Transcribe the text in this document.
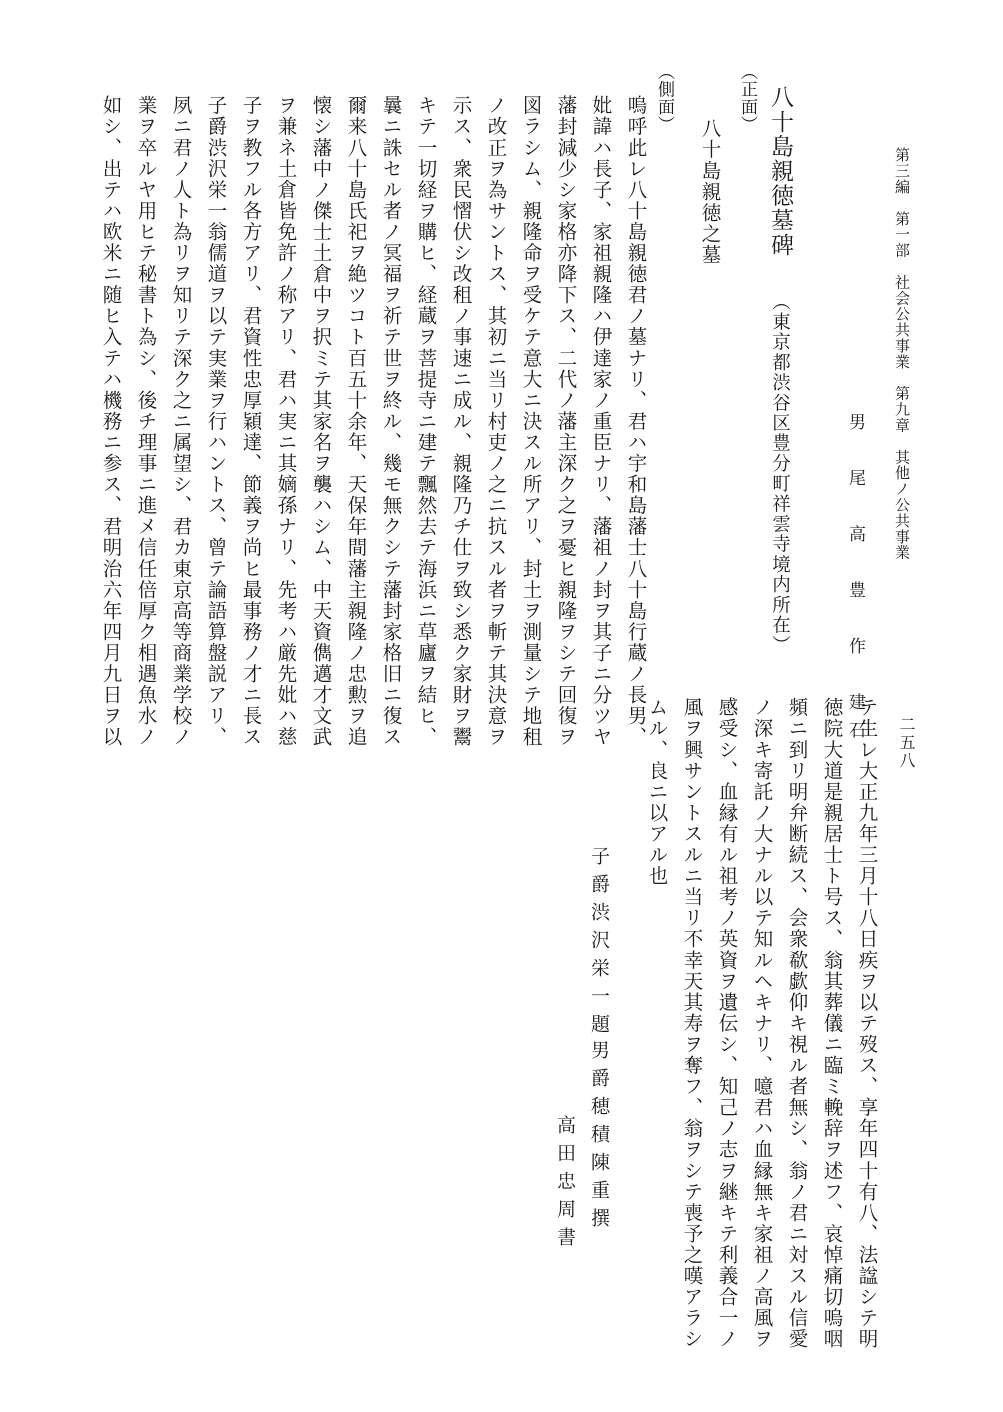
二五八
第三編　第一部　社会公共事業　第九章　其他ノ公共事業
男　尾　高　豊　作　建石
（東京都渋谷区豊分町祥雲寺境内所在）
八十島親徳墓碑
（正面）
八十島親徳之墓
（側面）
嗚呼此レ八十島親徳君ノ墓ナリ、君ハ宇和島藩士八十島行蔵ノ長男、
妣諱ハ長子、家祖親隆ハ伊達家ノ重臣ナリ、藩祖ノ封ヲ其子ニ分ツヤ
藩封減少シ家格亦降下ス、二代ノ藩主深ク之ヲ憂ヒ親隆ヲシテ回復ヲ
図ラシム、親隆命ヲ受ケテ意大ニ決スル所アリ、封土ヲ測量シテ地租
ノ改正ヲ為サントス、其初ニ当リ村吏ノ之ニ抗スル者ヲ斬テ其決意ヲ
示ス、衆民慴伏シ改租ノ事速ニ成ル、親隆乃チ仕ヲ致シ悉ク家財ヲ鬻
キテ一切経ヲ購ヒ、経蔵ヲ菩提寺ニ建テ飄然去テ海浜ニ草廬ヲ結ヒ、
曩ニ誅セル者ノ冥福ヲ祈テ世ヲ終ル、幾モ無クシテ藩封家格旧ニ復ス
爾来八十島氏祀ヲ絶ツコト百五十余年、天保年間藩主親隆ノ忠勲ヲ追
懐シ藩中ノ傑士土倉中ヲ択ミテ其家名ヲ襲ハシム、中天資儁邁才文武
ヲ兼ネ土倉皆免許ノ称アリ、君ハ実ニ其嫡孫ナリ、先考ハ厳先妣ハ慈
子ヲ教フル各方アリ、君資性忠厚穎達、節義ヲ尚ヒ最事務ノ才ニ長ス
子爵渋沢栄一翁儒道ヲ以テ実業ヲ行ハントス、曾テ論語算盤説アリ、
夙ニ君ノ人ト為リヲ知リテ深ク之ニ属望シ、君カ東京高等商業学校ノ
業ヲ卒ルヤ用ヒテ秘書ト為シ、後チ理事ニ進メ信任倍厚ク相遇魚水ノ
如シ、出テハ欧米ニ随ヒ入テハ機務ニ参ス、君明治六年四月九日ヲ以
テ生レ大正九年三月十八日疾ヲ以テ歿ス、享年四十有八、法諡シテ明
徳院大道是親居士ト号ス、翁其葬儀ニ臨ミ輓辞ヲ述フ、哀悼痛切嗚咽
頻ニ到リ明弁断続ス、会衆欷歔仰キ視ル者無シ、翁ノ君ニ対スル信愛
ノ深キ寄託ノ大ナル以テ知ルヘキナリ、噫君ハ血縁無キ家祖ノ高風ヲ
感受シ、血縁有ル祖考ノ英資ヲ遺伝シ、知己ノ志ヲ継キテ利義合一ノ
風ヲ興サントスルニ当リ不幸天其寿ヲ奪フ、翁ヲシテ喪予之嘆アラシ
ムル、良ニ以アル也
子爵渋沢栄一題
男爵穂積陳重撰
高田忠周書
